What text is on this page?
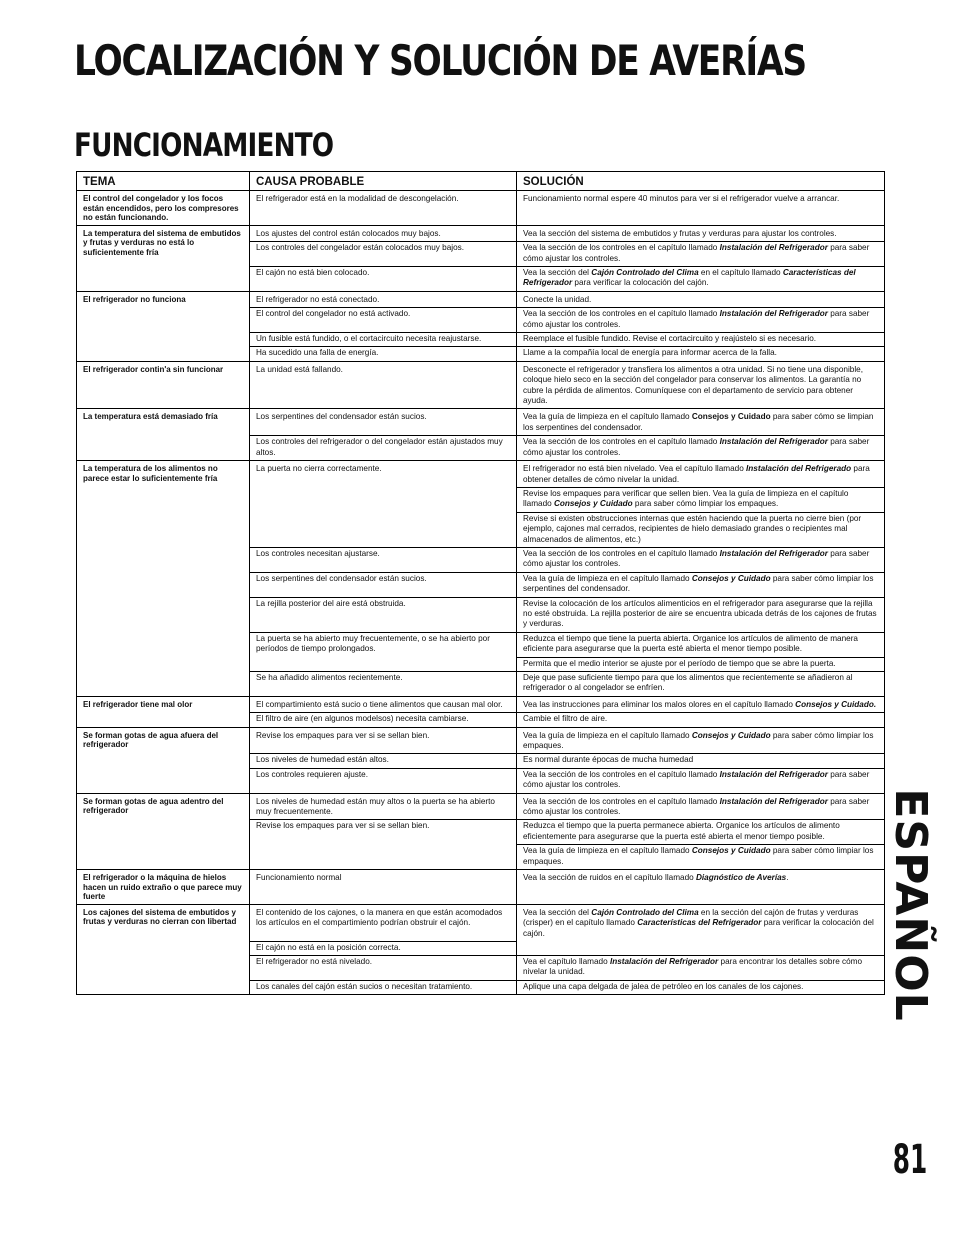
LOCALIZACIÓN Y SOLUCIÓN DE AVERÍAS
FUNCIONAMIENTO
TEMA	CAUSA PROBABLE	SOLUCIÓN
El control del congelador y los focos están encendidos, pero los compresores no están funcionando.	El refrigerador está en la modalidad de descongelación.	Funcionamiento normal espere 40 minutos para ver si el refrigerador vuelve a arrancar.
La temperatura del sistema de embutidos y frutas y verduras no está lo suficientemente fría	Los ajustes del control están colocados muy bajos.	Vea la sección del sistema de embutidos y frutas y verduras para ajustar los controles.
	Los controles del congelador están colocados muy bajos.	Vea la sección de los controles en el capítulo llamado Instalación del Refrigerador para saber cómo ajustar los controles.
	El cajón no está bien colocado.	Vea la sección del Cajón Controlado del Clima en el capítulo llamado Características del Refrigerador para verificar la colocación del cajón.
El refrigerador no funciona	El refrigerador no está conectado.	Conecte la unidad.
	El control del congelador no está activado.	Vea la sección de los controles en el capítulo llamado Instalación del Refrigerador para saber cómo ajustar los controles.
	Un fusible está fundido, o el cortacircuito necesita reajustarse.	Reemplace el fusible fundido. Revise el cortacircuito y reajústelo si es necesario.
	Ha sucedido una falla de energía.	Llame a la compañía local de energía para informar acerca de la falla.
El refrigerador contin'a sin funcionar	La unidad está fallando.	Desconecte el refrigerador y transfiera los alimentos a otra unidad. Si no tiene una disponible, coloque hielo seco en la sección del congelador para conservar los alimentos. La garantía no cubre la pérdida de alimentos. Comuníquese con el departamento de servicio para obtener ayuda.
La temperatura está demasiado fría	Los serpentines del condensador están sucios.	Vea la guía de limpieza en el capítulo llamado Consejos y Cuidado para saber cómo se limpian los serpentines del condensador.
	Los controles del refrigerador o del congelador están ajustados muy altos.	Vea la sección de los controles en el capítulo llamado Instalación del Refrigerador para saber cómo ajustar los controles.
La temperatura de los alimentos no parece estar lo suficientemente fría	La puerta no cierra correctamente.	El refrigerador no está bien nivelado. Vea el capítulo llamado Instalación del Refrigerado para obtener detalles de cómo nivelar la unidad.
		Revise los empaques para verificar que sellen bien. Vea la guía de limpieza en el capítulo llamado Consejos y Cuidado para saber cómo limpiar los empaques.
		Revise si existen obstrucciones internas que estén haciendo que la puerta no cierre bien (por ejemplo, cajones mal cerrados, recipientes de hielo demasiado grandes o recipientes mal almacenados de alimentos, etc.)
	Los controles necesitan ajustarse.	Vea la sección de los controles en el capítulo llamado Instalación del Refrigerador para saber cómo ajustar los controles.
	Los serpentines del condensador están sucios.	Vea la guía de limpieza en el capítulo llamado Consejos y Cuidado para saber cómo limpiar los serpentines del condensador.
	La rejilla posterior del aire está obstruida.	Revise la colocación de los artículos alimenticios en el refrigerador para asegurarse que la rejilla no esté obstruida. La rejilla posterior de aire se encuentra ubicada detrás de los cajones de frutas y verduras.
	La puerta se ha abierto muy frecuentemente, o se ha abierto por períodos de tiempo prolongados.	Reduzca el tiempo que tiene la puerta abierta. Organice los artículos de alimento de manera eficiente para asegurarse que la puerta esté abierta el menor tiempo posible.
		Permita que el medio interior se ajuste por el período de tiempo que se abre la puerta.
	Se ha añadido alimentos recientemente.	Deje que pase suficiente tiempo para que los alimentos que recientemente se añadieron al refrigerador o al congelador se enfríen.
El refrigerador tiene mal olor	El compartimiento está sucio o tiene alimentos que causan mal olor.	Vea las instrucciones para eliminar los malos olores en el capítulo llamado Consejos y Cuidado.
	El filtro de aire (en algunos modelsos) necesita cambiarse.	Cambie el filtro de aire.
Se forman gotas de agua afuera del refrigerador	Revise los empaques para ver si se sellan bien.	Vea la guía de limpieza en el capítulo llamado Consejos y Cuidado para saber cómo limpiar los empaques.
	Los niveles de humedad están altos.	Es normal durante épocas de mucha humedad
	Los controles requieren ajuste.	Vea la sección de los controles en el capítulo llamado Instalación del Refrigerador para saber cómo ajustar los controles.
Se forman gotas de agua adentro del refrigerador	Los niveles de humedad están muy altos o la puerta se ha abierto muy frecuentemente.	Vea la sección de los controles en el capítulo llamado Instalación del Refrigerador para saber cómo ajustar los controles.
	Revise los empaques para ver si se sellan bien.	Reduzca el tiempo que la puerta permanece abierta. Organice los artículos de alimento eficientemente para asegurarse que la puerta esté abierta el menor tiempo posible.
		Vea la guía de limpieza en el capítulo llamado Consejos y Cuidado para saber cómo limpiar los empaques.
El refrigerador o la máquina de hielos hacen un ruido extraño o que parece muy fuerte	Funcionamiento normal	Vea la sección de ruidos en el capítulo llamado Diagnóstico de Averías.
Los cajones del sistema de embutidos y frutas y verduras no cierran con libertad	El contenido de los cajones, o la manera en que están acomodados los artículos en el compartimiento podrían obstruir el cajón.	Vea la sección del Cajón Controlado del Clima en la sección del cajón de frutas y verduras (crisper) en el capítulo llamado Características del Refrigerador para verificar la colocación del cajón.
	El cajón no está en la posición correcta.	
	El refrigerador no está nivelado.	Vea el capítulo llamado Instalación del Refrigerador para encontrar los detalles sobre cómo nivelar la unidad.
	Los canales del cajón están sucios o necesitan tratamiento.	Aplique una capa delgada de jalea de petróleo en los canales de los cajones. ESPAÑOL
81
